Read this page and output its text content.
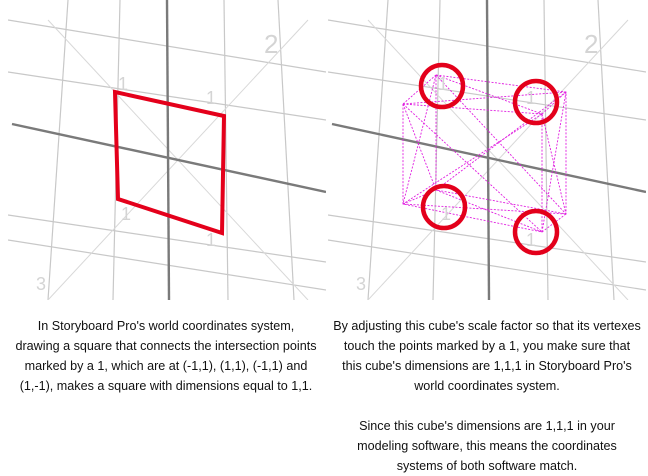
2
1
1
1
1
3
2
1
1
1
1
3
In Storyboard Pro's world coordinates system, drawing a square that connects the intersection points marked by a 1, which are at (-1,1), (1,1), (-1,1) and (1,-1), makes a square with dimensions equal to 1,1.
By adjusting this cube's scale factor so that its vertexes touch the points marked by a 1, you make sure that this cube's dimensions are 1,1,1 in Storyboard Pro's world coordinates system.
Since this cube's dimensions are 1,1,1 in your modeling software, this means the coordinates systems of both software match.
